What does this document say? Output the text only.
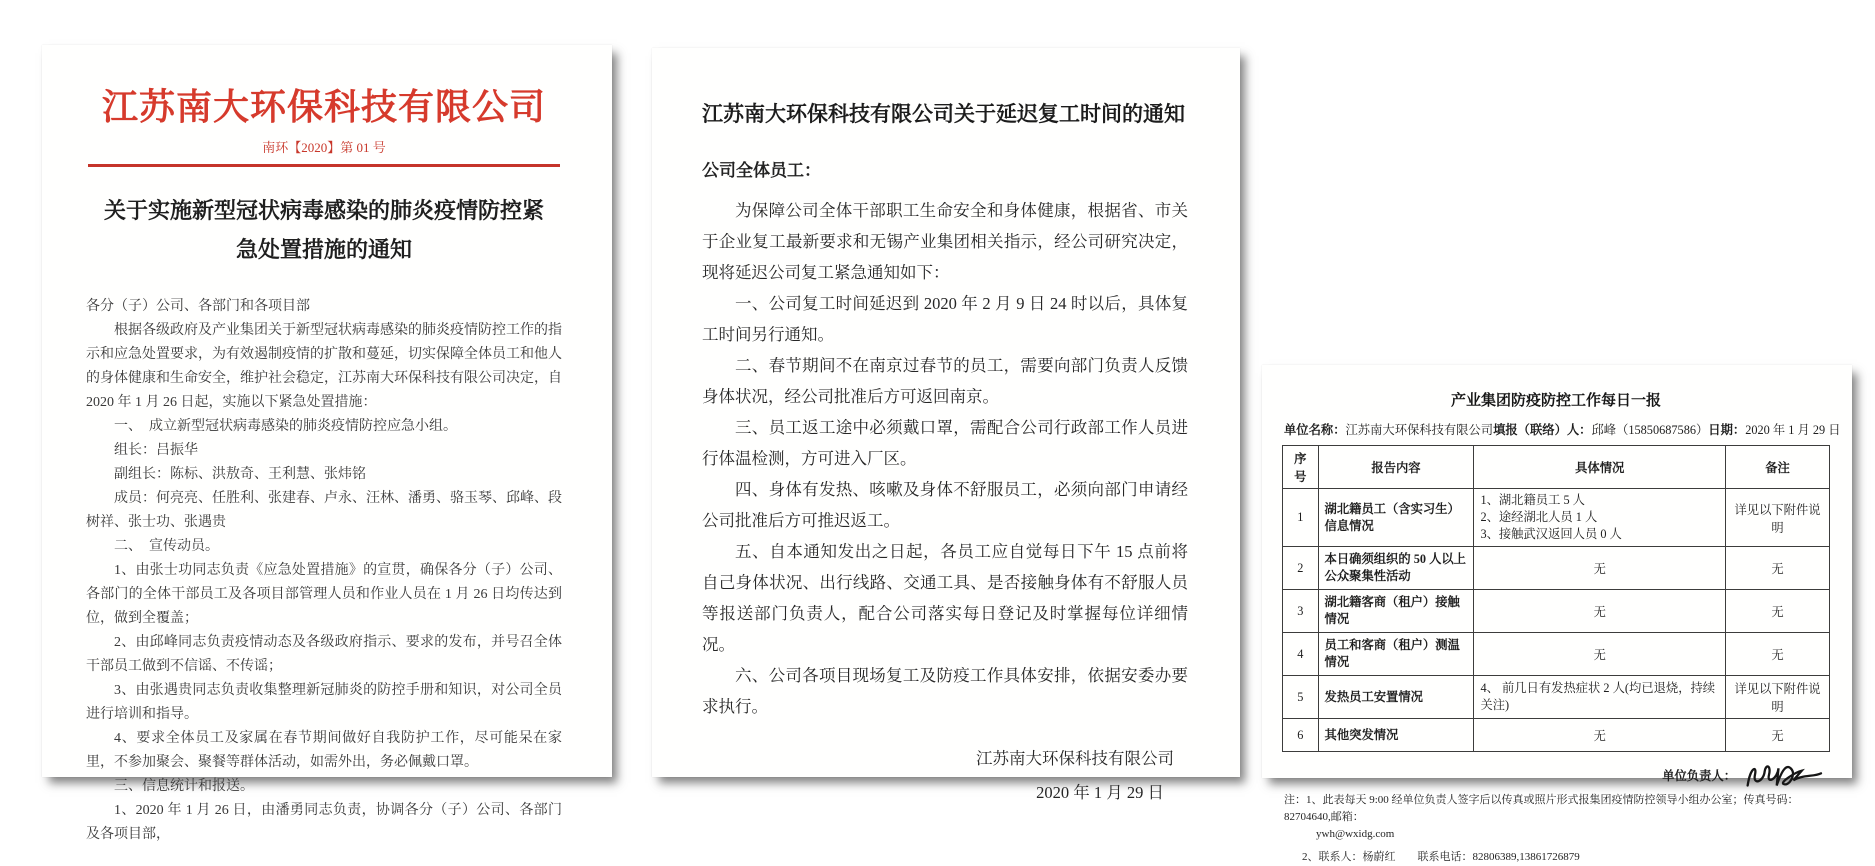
江苏南大环保科技有限公司
南环【2020】第 01 号
关于实施新型冠状病毒感染的肺炎疫情防控紧
急处置措施的通知

各分（子）公司、各部门和各项目部

根据各级政府及产业集团关于新型冠状病毒感染的肺炎疫情防控工作的指示和应急处置要求，为有效遏制疫情的扩散和蔓延，切实保障全体员工和他人的身体健康和生命安全，维护社会稳定，江苏南大环保科技有限公司决定，自 2020 年 1 月 26 日起，实施以下紧急处置措施：

一、　成立新型冠状病毒感染的肺炎疫情防控应急小组。

组长：吕振华

副组长：陈标、洪敖奇、王利慧、张炜铭

成员：何亮亮、任胜利、张建春、卢永、汪林、潘勇、骆玉琴、邱峰、段树祥、张士功、张遇贵

二、　宣传动员。

1、由张士功同志负责《应急处置措施》的宣贯，确保各分（子）公司、各部门的全体干部员工及各项目部管理人员和作业人员在 1 月 26 日均传达到位，做到全覆盖；

2、由邱峰同志负责疫情动态及各级政府指示、要求的发布，并号召全体干部员工做到不信谣、不传谣；

3、由张遇贵同志负责收集整理新冠肺炎的防控手册和知识，对公司全员进行培训和指导。

4、要求全体员工及家属在春节期间做好自我防护工作，尽可能呆在家里，不参加聚会、聚餐等群体活动，如需外出，务必佩戴口罩。

三、信息统计和报送。

1、2020 年 1 月 26 日，由潘勇同志负责，协调各分（子）公司、各部门及各项目部，

江苏南大环保科技有限公司关于延迟复工时间的通知
公司全体员工：

为保障公司全体干部职工生命安全和身体健康，根据省、市关于企业复工最新要求和无锡产业集团相关指示，经公司研究决定，现将延迟公司复工紧急通知如下：

一、公司复工时间延迟到 2020 年 2 月 9 日 24 时以后，具体复工时间另行通知。

二、春节期间不在南京过春节的员工，需要向部门负责人反馈身体状况，经公司批准后方可返回南京。

三、员工返工途中必须戴口罩，需配合公司行政部工作人员进行体温检测，方可进入厂区。

四、身体有发热、咳嗽及身体不舒服员工，必须向部门申请经公司批准后方可推迟返工。

五、自本通知发出之日起，各员工应自觉每日下午 15 点前将自己身体状况、出行线路、交通工具、是否接触身体有不舒服人员等报送部门负责人，配合公司落实每日登记及时掌握每位详细情况。

六、公司各项目现场复工及防疫工作具体安排，依据安委办要求执行。

江苏南大环保科技有限公司
2020 年 1 月 29 日
产业集团防疫防控工作每日一报
单位名称：江苏南大环保科技有限公司 填报（联络）人：邱峰（15850687586） 日期：2020 年 1 月 29 日
序号	报告内容	具体情况	备注
1	湖北籍员工（含实习生）信息情况	1、湖北籍员工 5 人
2、途经湖北人员 1 人
3、接触武汉返回人员 0 人	详见以下附件说明
2	本日确须组织的 50 人以上公众聚集性活动	无	无
3	湖北籍客商（租户）接触情况	无	无
4	员工和客商（租户）测温情况	无	无
5	发热员工安置情况	4、 前几日有发热症状 2 人(均已退烧，持续关注)	详见以下附件说明
6	其他突发情况	无	无
单位负责人：
注：1、此表每天 9:00 经单位负责人签字后以传真或照片形式报集团疫情防控领导小组办公室；传真号码：82704640,邮箱：
ywh@wxidg.com
2、联系人：杨蔚红　　联系电话：82806389,13861726879
